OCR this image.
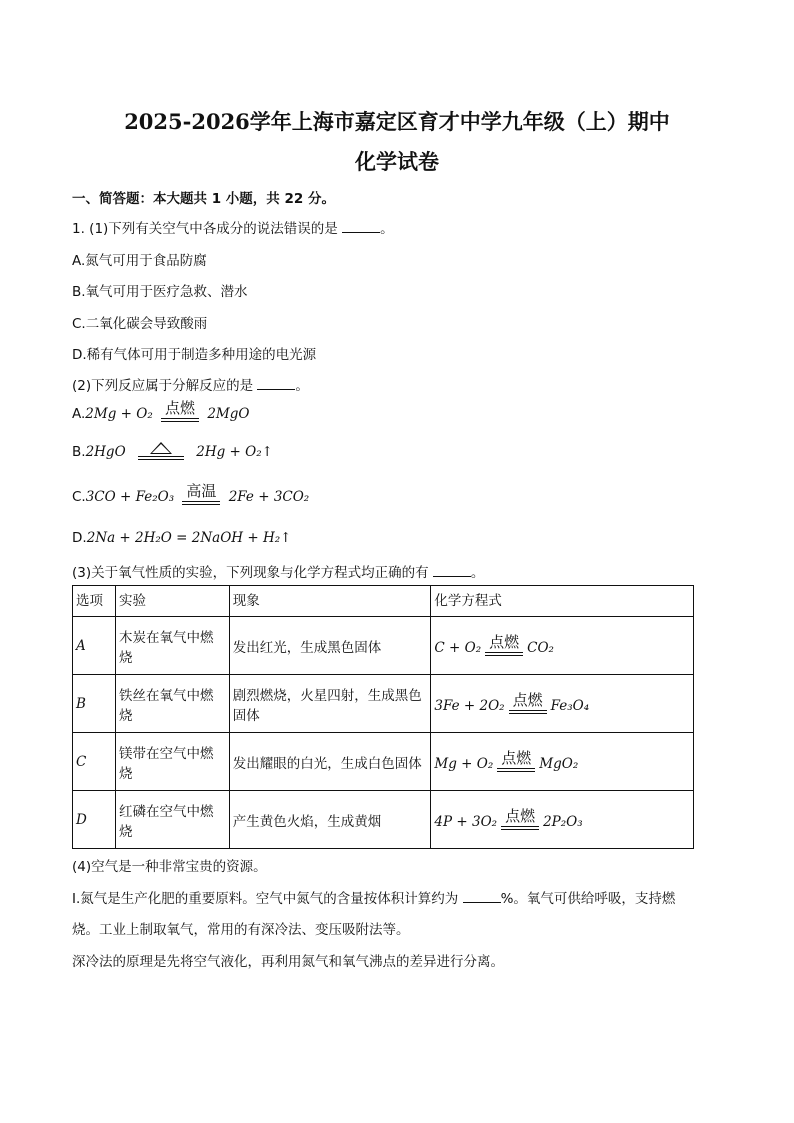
2025-2026学年上海市嘉定区育才中学九年级（上）期中
化学试卷
一、简答题：本大题共 1 小题，共 22 分。
1. (1)下列有关空气中各成分的说法错误的是	。
A.氮气可用于食品防腐
B.氧气可用于医疗急救、潜水
C.二氧化碳会导致酸雨
D.稀有气体可用于制造多种用途的电光源
(2)下列反应属于分解反应的是	。
A.2Mg + O₂ 点燃 2MgO
B.2HgO	2Hg + O₂↑
C.3CO + Fe₂O₃ 高温 2Fe + 3CO₂
D.2Na + 2H₂O = 2NaOH + H₂↑
(3)关于氧气性质的实验，下列现象与化学方程式均正确的有	。
选项	实验	现象	化学方程式
A	木炭在氧气中燃烧	发出红光，生成黑色固体	C + O₂ 点燃 CO₂
B	铁丝在氧气中燃烧	剧烈燃烧，火星四射，生成黑色固体	3Fe + 2O₂ 点燃 Fe₃O₄
C	镁带在空气中燃烧	发出耀眼的白光，生成白色固体	Mg + O₂ 点燃 MgO₂
D	红磷在空气中燃烧	产生黄色火焰，生成黄烟	4P + 3O₂ 点燃 2P₂O₃
(4)空气是一种非常宝贵的资源。
Ⅰ.氮气是生产化肥的重要原料。空气中氮气的含量按体积计算约为	%。氧气可供给呼吸，支持燃
烧。工业上制取氧气，常用的有深冷法、变压吸附法等。
深冷法的原理是先将空气液化，再利用氮气和氧气沸点的差异进行分离。
